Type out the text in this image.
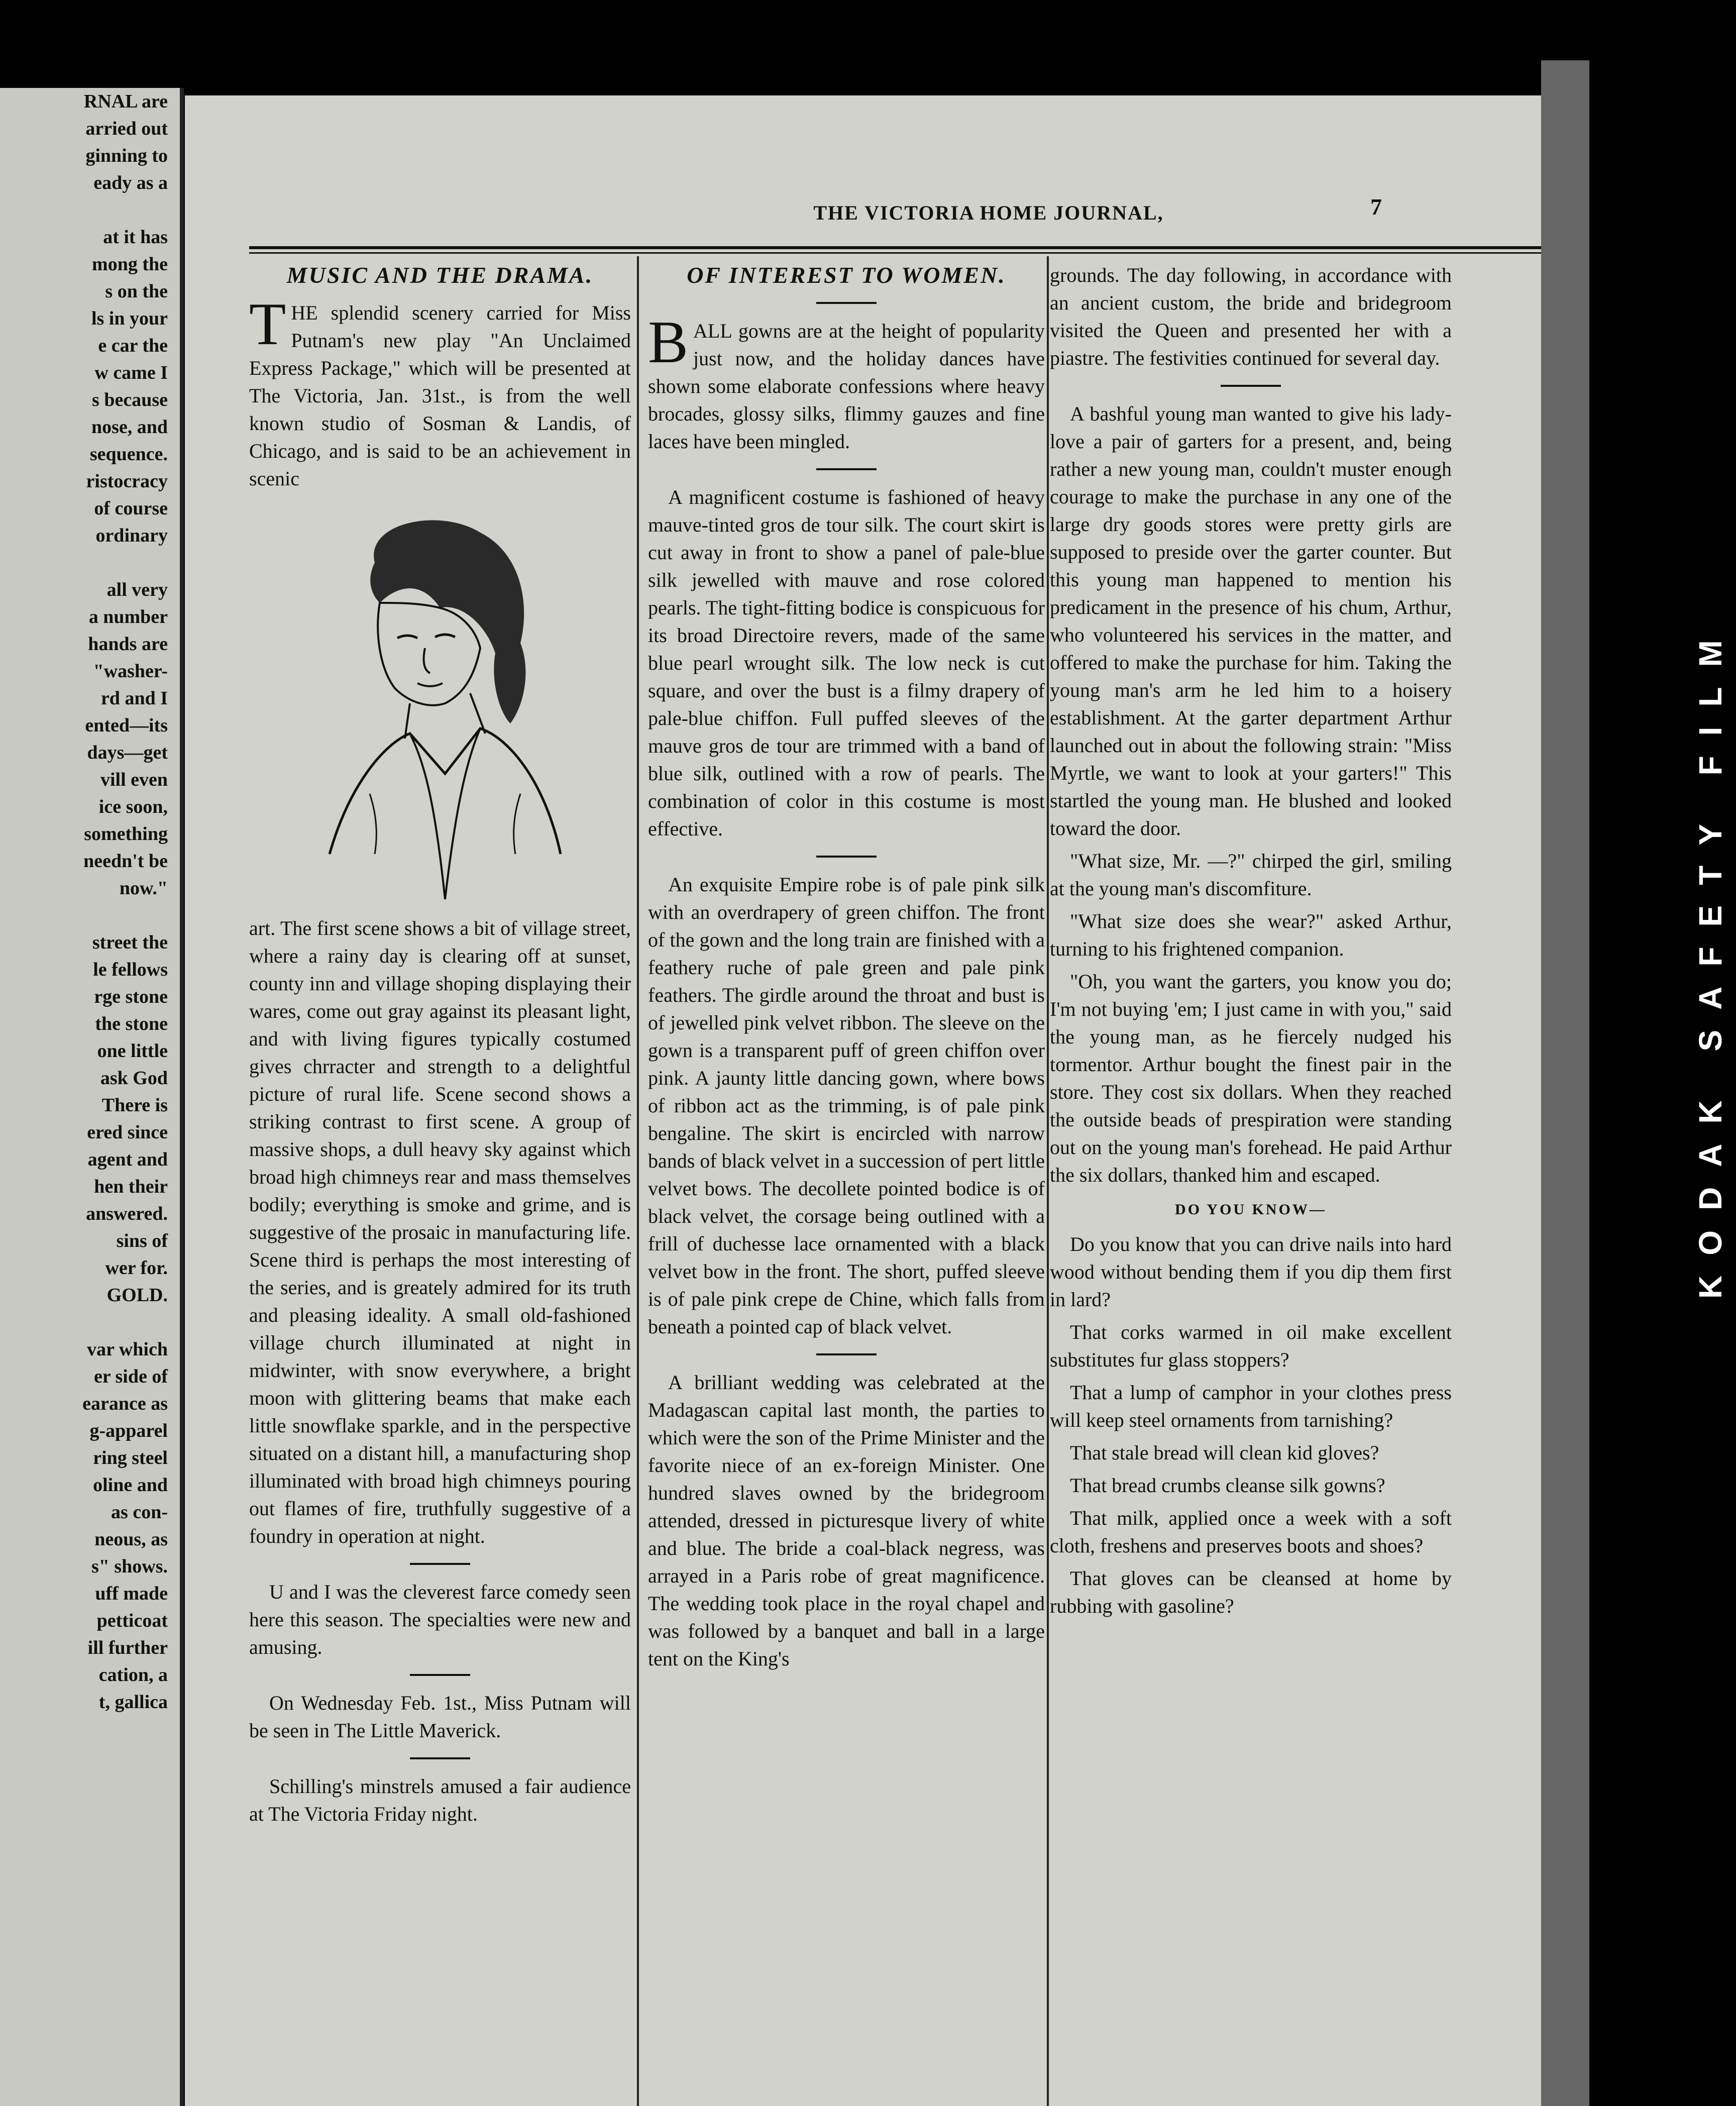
RNAL are
arried out
ginning to
eady as a

at it has
mong the
s on the
ls in your
e car the
w came I
s because
nose, and
sequence.
ristocracy
of course
ordinary

all very
a number
hands are
"washer-
rd and I
ented—its
days—get
vill even
ice soon,
something
needn't be
now."

street the
le fellows
rge stone
the stone
one little
ask God
There is
ered since
agent and
hen their
answered.
sins of
wer for.
GOLD.

var which
er side of
earance as
g-apparel
ring steel
oline and
as con-
neous, as
s" shows.
uff made
petticoat
ill further
cation, a
t, gallica
KODAK SAFETY FILM
THE VICTORIA HOME JOURNAL,	7
MUSIC AND THE DRAMA.

THE splendid scenery carried for Miss Putnam's new play "An Unclaimed Express Package," which will be presented at The Victoria, Jan. 31st., is from the well known studio of Sosman & Landis, of Chicago, and is said to be an achievement in scenic

art. The first scene shows a bit of village street, where a rainy day is clearing off at sunset, county inn and village shoping displaying their wares, come out gray against its pleasant light, and with living figures typically costumed gives chrracter and strength to a delightful picture of rural life. Scene second shows a striking contrast to first scene. A group of massive shops, a dull heavy sky against which broad high chimneys rear and mass themselves bodily; everything is smoke and grime, and is suggestive of the prosaic in manufacturing life. Scene third is perhaps the most interesting of the series, and is greately admired for its truth and pleasing ideality. A small old-fashioned village church illuminated at night in midwinter, with snow everywhere, a bright moon with glittering beams that make each little snowflake sparkle, and in the perspective situated on a distant hill, a manufacturing shop illuminated with broad high chimneys pouring out flames of fire, truthfully suggestive of a foundry in operation at night.

U and I was the cleverest farce comedy seen here this season. The specialties were new and amusing.

On Wednesday Feb. 1st., Miss Putnam will be seen in The Little Maverick.

Schilling's minstrels amused a fair audience at The Victoria Friday night.

OF INTEREST TO WOMEN.

BALL gowns are at the height of popularity just now, and the holiday dances have shown some elaborate confessions where heavy brocades, glossy silks, flimmy gauzes and fine laces have been mingled.

A magnificent costume is fashioned of heavy mauve-tinted gros de tour silk. The court skirt is cut away in front to show a panel of pale-blue silk jewelled with mauve and rose colored pearls. The tight-fitting bodice is conspicuous for its broad Directoire revers, made of the same blue pearl wrought silk. The low neck is cut square, and over the bust is a filmy drapery of pale-blue chiffon. Full puffed sleeves of the mauve gros de tour are trimmed with a band of blue silk, outlined with a row of pearls. The combination of color in this costume is most effective.

An exquisite Empire robe is of pale pink silk with an overdrapery of green chiffon. The front of the gown and the long train are finished with a feathery ruche of pale green and pale pink feathers. The girdle around the throat and bust is of jewelled pink velvet ribbon. The sleeve on the gown is a transparent puff of green chiffon over pink. A jaunty little dancing gown, where bows of ribbon act as the trimming, is of pale pink bengaline. The skirt is encircled with narrow bands of black velvet in a succession of pert little velvet bows. The decollete pointed bodice is of black velvet, the corsage being outlined with a frill of duchesse lace ornamented with a black velvet bow in the front. The short, puffed sleeve is of pale pink crepe de Chine, which falls from beneath a pointed cap of black velvet.

A brilliant wedding was celebrated at the Madagascan capital last month, the parties to which were the son of the Prime Minister and the favorite niece of an ex-foreign Minister. One hundred slaves owned by the bridegroom attended, dressed in picturesque livery of white and blue. The bride a coal-black negress, was arrayed in a Paris robe of great magnificence. The wedding took place in the royal chapel and was followed by a banquet and ball in a large tent on the King's

grounds. The day following, in accordance with an ancient custom, the bride and bridegroom visited the Queen and presented her with a piastre. The festivities continued for several day.

A bashful young man wanted to give his lady-love a pair of garters for a present, and, being rather a new young man, couldn't muster enough courage to make the purchase in any one of the large dry goods stores were pretty girls are supposed to preside over the garter counter. But this young man happened to mention his predicament in the presence of his chum, Arthur, who volunteered his services in the matter, and offered to make the purchase for him. Taking the young man's arm he led him to a hoisery establishment. At the garter department Arthur launched out in about the following strain: "Miss Myrtle, we want to look at your garters!" This startled the young man. He blushed and looked toward the door.

"What size, Mr. —?" chirped the girl, smiling at the young man's discomfiture.

"What size does she wear?" asked Arthur, turning to his frightened companion.

"Oh, you want the garters, you know you do; I'm not buying 'em; I just came in with you," said the young man, as he fiercely nudged his tormentor. Arthur bought the finest pair in the store. They cost six dollars. When they reached the outside beads of prespiration were standing out on the young man's forehead. He paid Arthur the six dollars, thanked him and escaped.

DO YOU KNOW—

Do you know that you can drive nails into hard wood without bending them if you dip them first in lard?

That corks warmed in oil make excellent substitutes fur glass stoppers?

That a lump of camphor in your clothes press will keep steel ornaments from tarnishing?

That stale bread will clean kid gloves?

That bread crumbs cleanse silk gowns?

That milk, applied once a week with a soft cloth, freshens and preserves boots and shoes?

That gloves can be cleansed at home by rubbing with gasoline?
